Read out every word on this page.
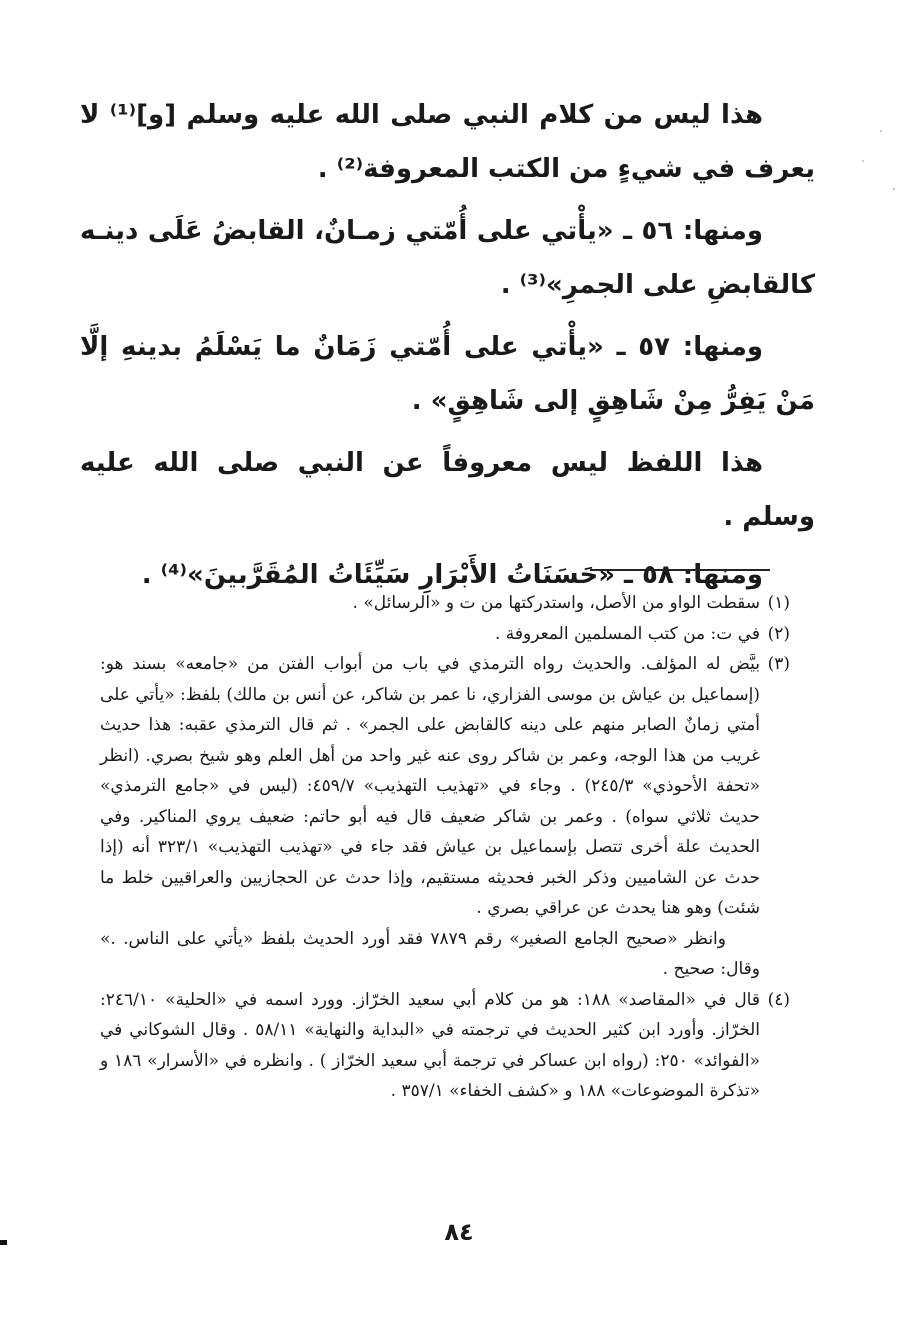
هذا ليس من كلام النبي صلى الله عليه وسلم [و]⁽¹⁾ لا يعرف في شيءٍ من الكتب المعروفة⁽²⁾ .

ومنها: ٥٦ ـ «يأْتي على أُمّتي زمـانٌ، القابضُ عَلَى دينـه كالقابضِ على الجمرِ»⁽³⁾ .

ومنها: ٥٧ ـ «يأْتي على أُمّتي زَمَانٌ ما يَسْلَمُ بدينهِ إلَّا مَنْ يَفِرُّ مِنْ شَاهِقٍ إلى شَاهِقٍ» .

هذا اللفظ ليس معروفاً عن النبي صلى الله عليه وسلم .

ومنها: ٥٨ ـ «حَسَنَاتُ الأَبْرَارِ سَيِّئَاتُ المُقَرَّبينَ»⁽⁴⁾ .

(١)
سقطت الواو من الأصل، واستدركتها من ت و «الرسائل» .
(٢)
في ت: من كتب المسلمين المعروفة .
(٣)
بيَّض له المؤلف. والحديث رواه الترمذي في باب من أبواب الفتن من «جامعه» بسند هو: (إسماعيل بن عياش بن موسى الفزاري، نا عمر بن شاكر، عن أنس بن مالك) بلفظ: «يأتي على أمتي زمانٌ الصابر منهم على دينه كالقابض على الجمر» . ثم قال الترمذي عقبه: هذا حديث غريب من هذا الوجه، وعمر بن شاكر روى عنه غير واحد من أهل العلم وهو شيخ بصري. (انظر «تحفة الأحوذي» ٢٤٥/٣) . وجاء في «تهذيب التهذيب» ٤٥٩/٧: (ليس في «جامع الترمذي» حديث ثلاثي سواه) . وعمر بن شاكر ضعيف قال فيه أبو حاتم: ضعيف يروي المناكير. وفي الحديث علة أخرى تتصل بإسماعيل بن عياش فقد جاء في «تهذيب التهذيب» ٣٢٣/١ أنه (إذا حدث عن الشاميين وذكر الخبر فحديثه مستقيم، وإذا حدث عن الحجازيين والعراقيين خلط ما شئت) وهو هنا يحدث عن عراقي بصري .

وانظر «صحيح الجامع الصغير» رقم ٧٨٧٩ فقد أورد الحديث بلفظ «يأتي على الناس. .» وقال: صحيح .

(٤)
قال في «المقاصد» ١٨٨: هو من كلام أبي سعيد الخرّاز. وورد اسمه في «الحلية» ٢٤٦/١٠: الخرّاز. وأورد ابن كثير الحديث في ترجمته في «البداية والنهاية» ٥٨/١١ . وقال الشوكاني في «الفوائد» ٢٥٠: (رواه ابن عساكر في ترجمة أبي سعيد الخرّاز ) . وانظره في «الأسرار» ١٨٦ و «تذكرة الموضوعات» ١٨٨ و «كشف الخفاء» ٣٥٧/١ .
٨٤
